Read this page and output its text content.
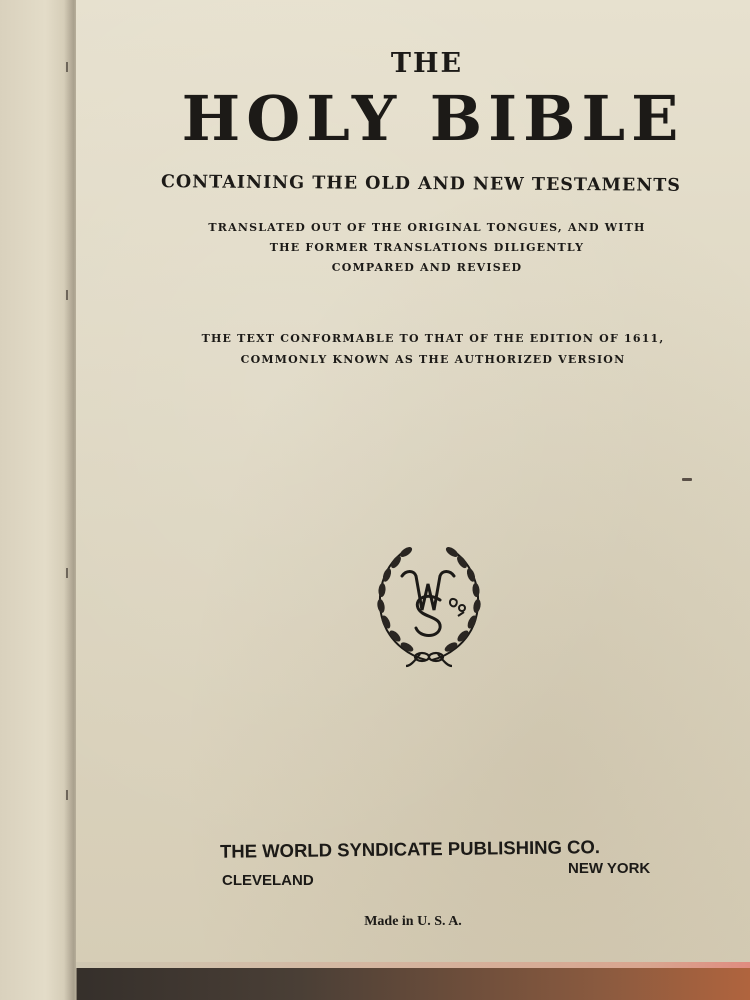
THE
HOLY BIBLE
CONTAINING THE OLD AND NEW TESTAMENTS
TRANSLATED OUT OF THE ORIGINAL TONGUES, AND WITH
THE FORMER TRANSLATIONS DILIGENTLY
COMPARED AND REVISED
THE TEXT CONFORMABLE TO THAT OF THE EDITION OF 1611,
COMMONLY KNOWN AS THE AUTHORIZED VERSION
THE WORLD SYNDICATE PUBLISHING CO.
CLEVELAND
NEW YORK
Made in U. S. A.
